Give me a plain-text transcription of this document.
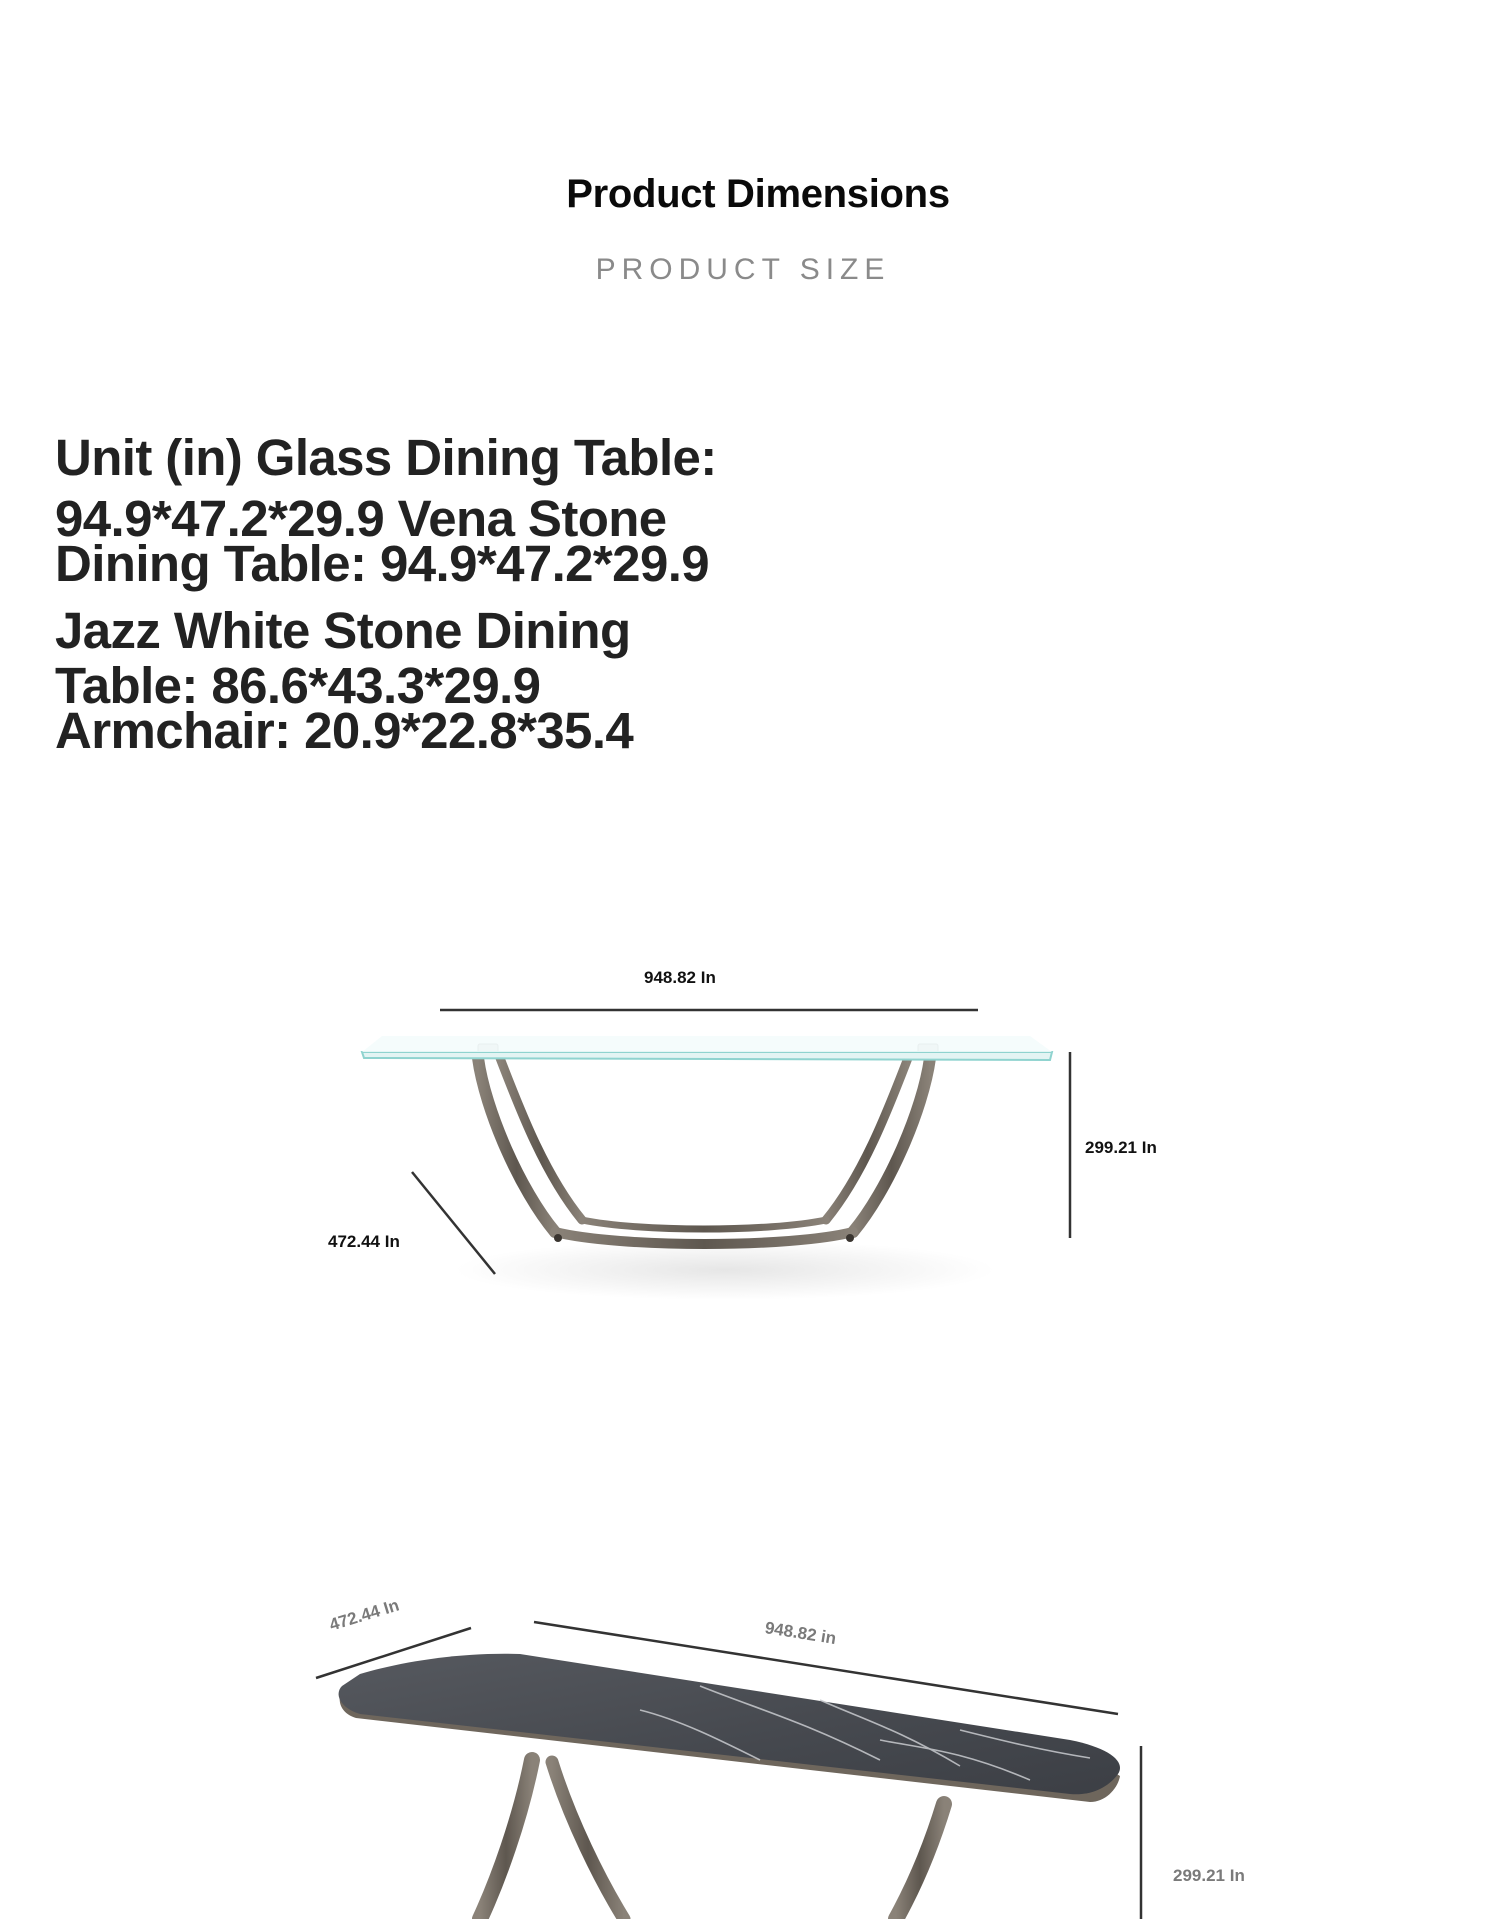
Product Dimensions
PRODUCT SIZE
Unit (in) Glass Dining Table:
94.9*47.2*29.9 Vena Stone
Dining Table: 94.9*47.2*29.9
Jazz White Stone Dining
Table: 86.6*43.3*29.9
Armchair: 20.9*22.8*35.4
948.82 In
299.21 In
472.44 In
472.44 In	948.82 in
299.21 In
